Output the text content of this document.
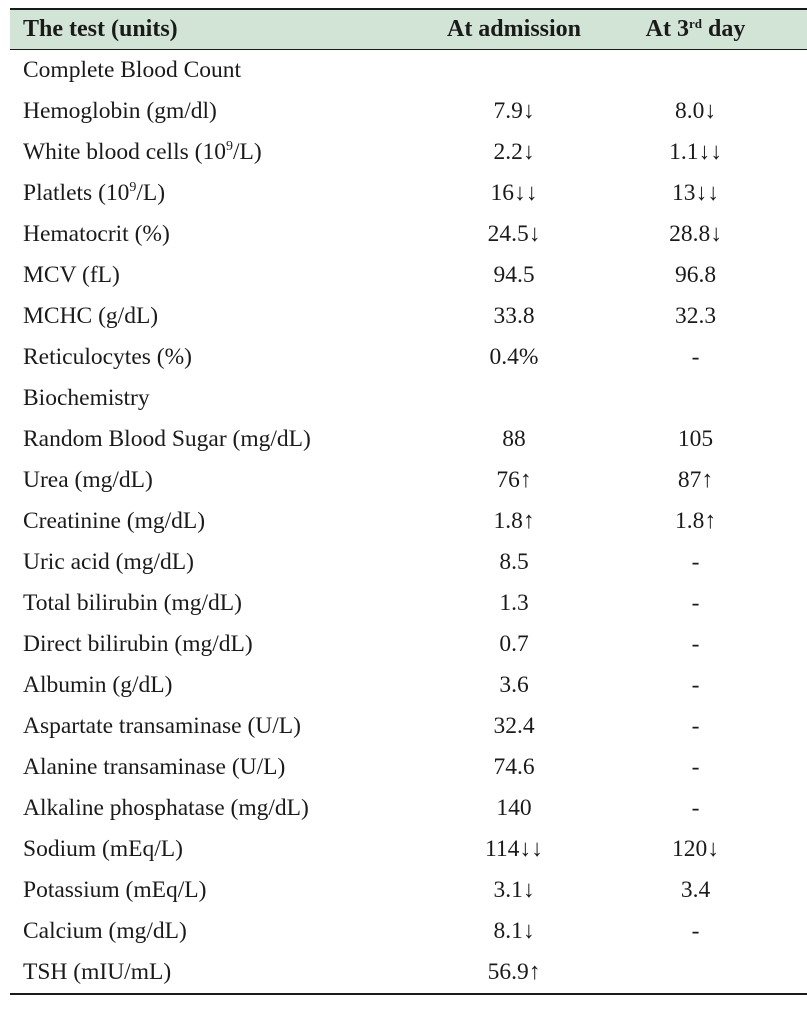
The test (units)	At admission	At 3rd day
Complete Blood Count
Hemoglobin (gm/dl)	7.9↓	8.0↓
White blood cells $(10^9/L)$	2.2↓	1.1↓↓
Platlets $(10^9/L)$	16↓↓	13↓↓
Hematocrit (%)	24.5↓	28.8↓
MCV (fL)	94.5	96.8
MCHC (g/dL)	33.8	32.3
Reticulocytes (%)	0.4%	-
Biochemistry
Random Blood Sugar (mg/dL)	88	105
Urea (mg/dL)	76↑	87↑
Creatinine (mg/dL)	1.8↑	1.8↑
Uric acid (mg/dL)	8.5	-
Total bilirubin (mg/dL)	1.3	-
Direct bilirubin (mg/dL)	0.7	-
Albumin (g/dL)	3.6	-
Aspartate transaminase (U/L)	32.4	-
Alanine transaminase (U/L)	74.6	-
Alkaline phosphatase (mg/dL)	140	-
Sodium (mEq/L)	114↓↓	120↓
Potassium (mEq/L)	3.1↓	3.4
Calcium (mg/dL)	8.1↓	-
TSH (mIU/mL)	56.9↑
